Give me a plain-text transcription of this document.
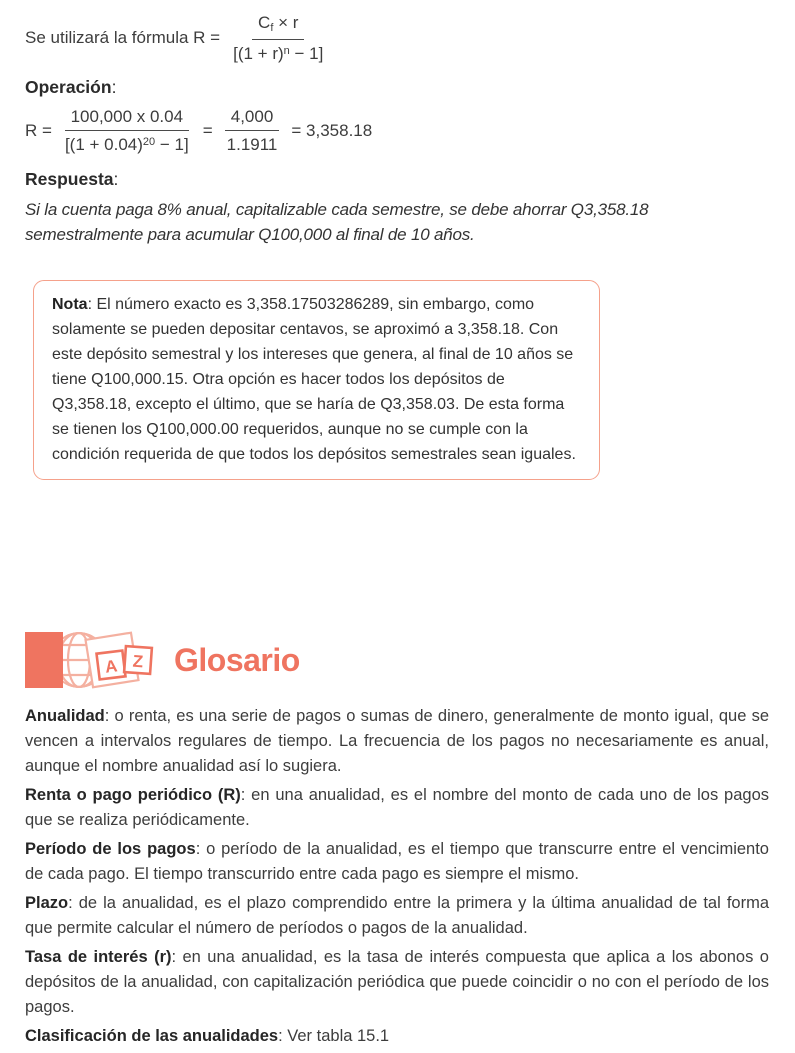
Se utilizará la fórmula $R = \frac{C_f \times r}{[(1 + r)^n - 1]}$
Operación:
$R = \frac{100,000 x 0.04}{[(1 + 0.04)^{20} - 1]} = \frac{4,000}{1.1911} = 3,358.18$
Respuesta:
Si la cuenta paga 8% anual, capitalizable cada semestre, se debe ahorrar Q3,358.18 semestralmente para acumular Q100,000 al final de 10 años.
Nota: El número exacto es 3,358.17503286289, sin embargo, como solamente se pueden depositar centavos, se aproximó a 3,358.18. Con este depósito semestral y los intereses que genera, al final de 10 años se tiene Q100,000.15. Otra opción es hacer todos los depósitos de Q3,358.18, excepto el último, que se haría de Q3,358.03. De esta forma se tienen los Q100,000.00 requeridos, aunque no se cumple con la condición requerida de que todos los depósitos semestrales sean iguales.
A Z Glosario

Anualidad: o renta, es una serie de pagos o sumas de dinero, generalmente de monto igual, que se vencen a intervalos regulares de tiempo. La frecuencia de los pagos no necesariamente es anual, aunque el nombre anualidad así lo sugiera.

Renta o pago periódico (R): en una anualidad, es el nombre del monto de cada uno de los pagos que se realiza periódicamente.

Período de los pagos: o período de la anualidad, es el tiempo que transcurre entre el vencimiento de cada pago. El tiempo transcurrido entre cada pago es siempre el mismo.

Plazo: de la anualidad, es el plazo comprendido entre la primera y la última anualidad de tal forma que permite calcular el número de períodos o pagos de la anualidad.

Tasa de interés (r): en una anualidad, es la tasa de interés compuesta que aplica a los abonos o depósitos de la anualidad, con capitalización periódica que puede coincidir o no con el período de los pagos.

Clasificación de las anualidades: Ver tabla 15.1
